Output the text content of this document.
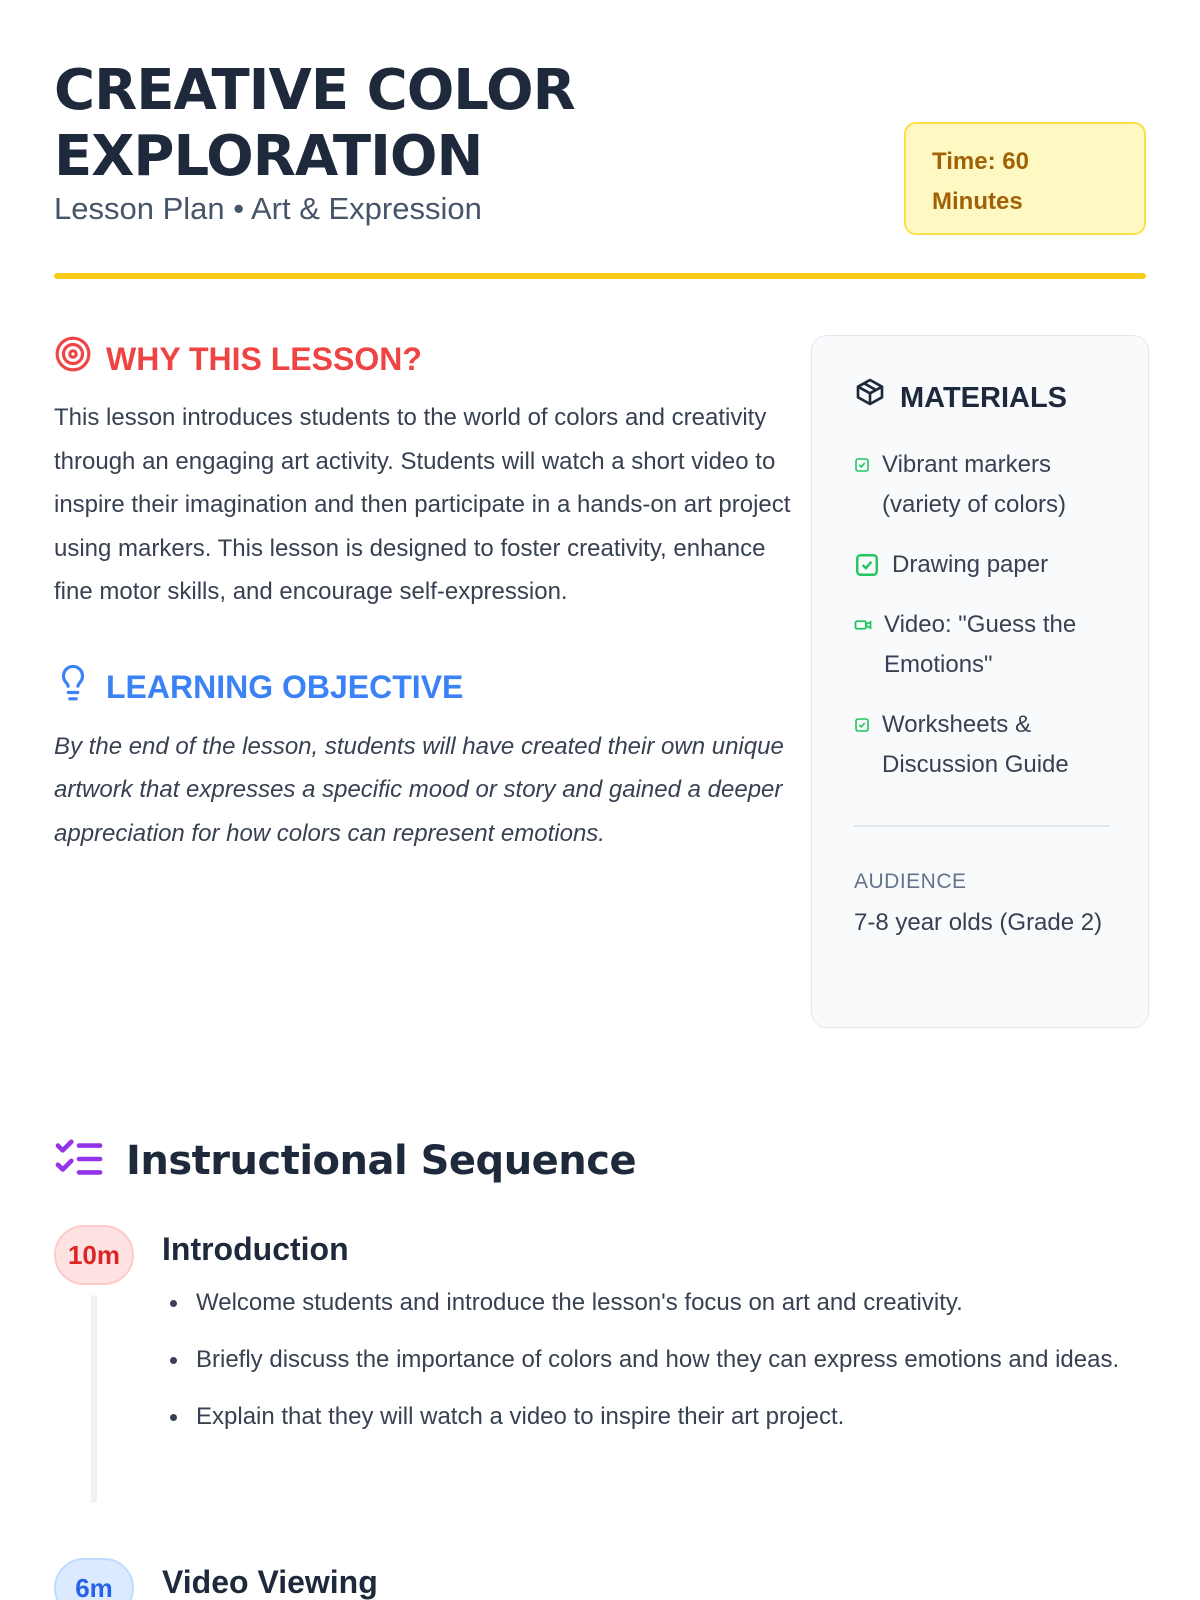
CREATIVE COLOR EXPLORATION
Lesson Plan • Art & Expression
Time: 60 Minutes
WHY THIS LESSON?

This lesson introduces students to the world of colors and creativity through an engaging art activity. Students will watch a short video to inspire their imagination and then participate in a hands-on art project using markers. This lesson is designed to foster creativity, enhance fine motor skills, and encourage self-expression.

LEARNING OBJECTIVE

By the end of the lesson, students will have created their own unique artwork that expresses a specific mood or story and gained a deeper appreciation for how colors can represent emotions.

MATERIALS
Vibrant markers (variety of colors)
Drawing paper
Video: "Guess the Emotions"
Worksheets & Discussion Guide
AUDIENCE
7-8 year olds (Grade 2)
Instructional Sequence
10m	Introduction
Welcome students and introduce the lesson's focus on art and creativity.
Briefly discuss the importance of colors and how they can express emotions and ideas.
Explain that they will watch a video to inspire their art project.
6m	Video Viewing
